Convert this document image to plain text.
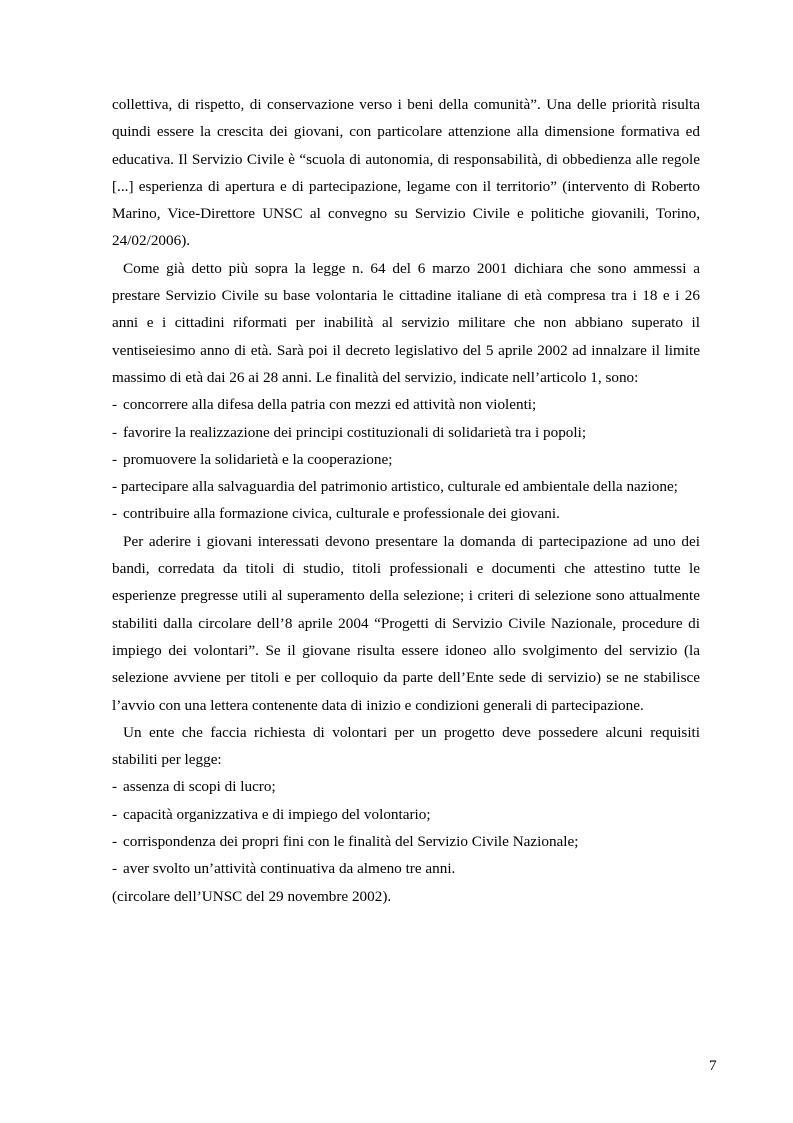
collettiva, di rispetto, di conservazione verso i beni della comunità”. Una delle priorità risulta quindi essere la crescita dei giovani, con particolare attenzione alla dimensione formativa ed educativa. Il Servizio Civile è “scuola di autonomia, di responsabilità, di obbedienza alle regole [...] esperienza di apertura e di partecipazione, legame con il territorio” (intervento di Roberto Marino, Vice-Direttore UNSC al convegno su Servizio Civile e politiche giovanili, Torino, 24/02/2006).

Come già detto più sopra la legge n. 64 del 6 marzo 2001 dichiara che sono ammessi a prestare Servizio Civile su base volontaria le cittadine italiane di età compresa tra i 18 e i 26 anni e i cittadini riformati per inabilità al servizio militare che non abbiano superato il ventiseiesimo anno di età. Sarà poi il decreto legislativo del 5 aprile 2002 ad innalzare il limite massimo di età dai 26 ai 28 anni. Le finalità del servizio, indicate nell’articolo 1, sono:

- concorrere alla difesa della patria con mezzi ed attività non violenti;
- favorire la realizzazione dei principi costituzionali di solidarietà tra i popoli;
- promuovere la solidarietà e la cooperazione;
- partecipare alla salvaguardia del patrimonio artistico, culturale ed ambientale della nazione;
- contribuire alla formazione civica, culturale e professionale dei giovani.

Per aderire i giovani interessati devono presentare la domanda di partecipazione ad uno dei bandi, corredata da titoli di studio, titoli professionali e documenti che attestino tutte le esperienze pregresse utili al superamento della selezione; i criteri di selezione sono attualmente stabiliti dalla circolare dell’8 aprile 2004 “Progetti di Servizio Civile Nazionale, procedure di impiego dei volontari”. Se il giovane risulta essere idoneo allo svolgimento del servizio (la selezione avviene per titoli e per colloquio da parte dell’Ente sede di servizio) se ne stabilisce l’avvio con una lettera contenente data di inizio e condizioni generali di partecipazione.

Un ente che faccia richiesta di volontari per un progetto deve possedere alcuni requisiti stabiliti per legge:

- assenza di scopi di lucro;
- capacità organizzativa e di impiego del volontario;
- corrispondenza dei propri fini con le finalità del Servizio Civile Nazionale;
- aver svolto un’attività continuativa da almeno tre anni.

(circolare dell’UNSC del 29 novembre 2002).

7
